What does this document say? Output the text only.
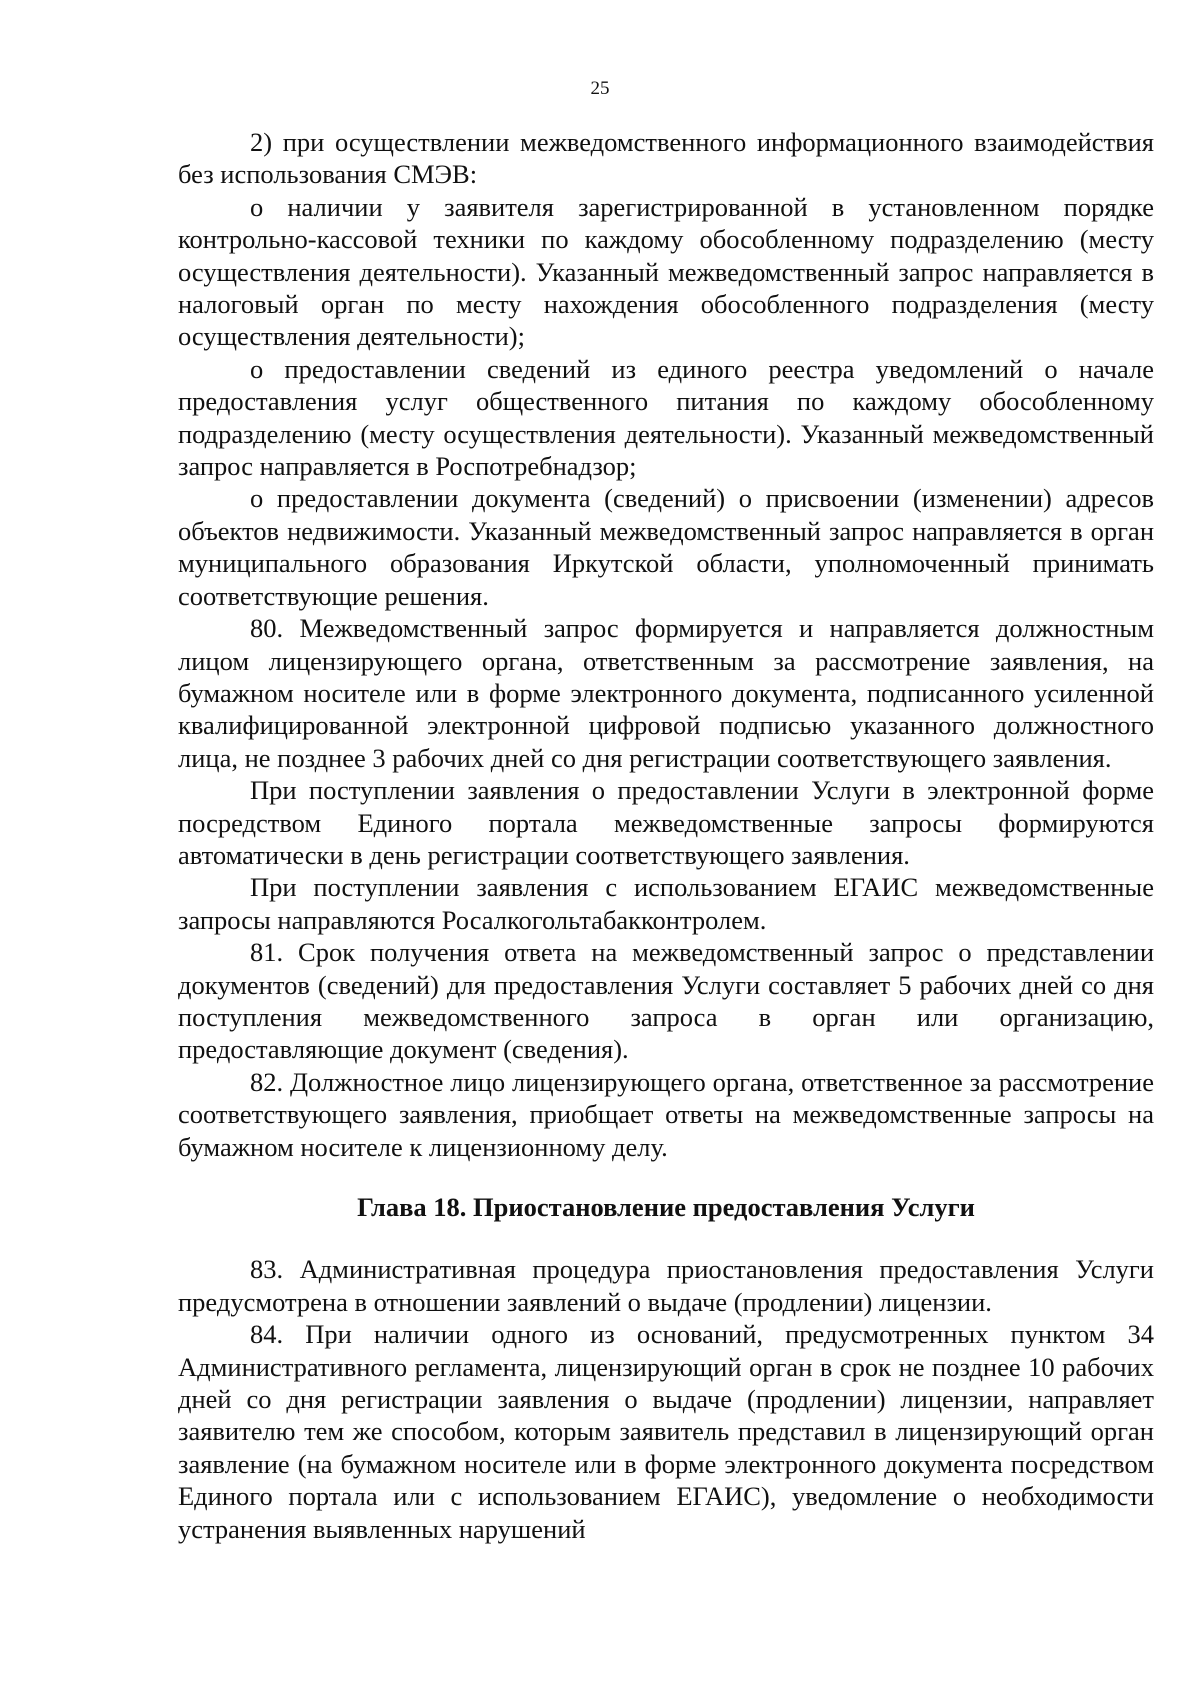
25

2) при осуществлении межведомственного информационного взаимодействия без использования СМЭВ:

о наличии у заявителя зарегистрированной в установленном порядке контрольно-кассовой техники по каждому обособленному подразделению (месту осуществления деятельности). Указанный межведомственный запрос направляется в налоговый орган по месту нахождения обособленного подразделения (месту осуществления деятельности);

о предоставлении сведений из единого реестра уведомлений о начале предоставления услуг общественного питания по каждому обособленному подразделению (месту осуществления деятельности). Указанный межведомственный запрос направляется в Роспотребнадзор;

о предоставлении документа (сведений) о присвоении (изменении) адресов объектов недвижимости. Указанный межведомственный запрос направляется в орган муниципального образования Иркутской области, уполномоченный принимать соответствующие решения.

80. Межведомственный запрос формируется и направляется должностным лицом лицензирующего органа, ответственным за рассмотрение заявления, на бумажном носителе или в форме электронного документа, подписанного усиленной квалифицированной электронной цифровой подписью указанного должностного лица, не позднее 3 рабочих дней со дня регистрации соответствующего заявления.

При поступлении заявления о предоставлении Услуги в электронной форме посредством Единого портала межведомственные запросы формируются автоматически в день регистрации соответствующего заявления.

При поступлении заявления с использованием ЕГАИС межведомственные запросы направляются Росалкогольтабакконтролем.

81. Срок получения ответа на межведомственный запрос о представлении документов (сведений) для предоставления Услуги составляет 5 рабочих дней со дня поступления межведомственного запроса в орган или организацию, предоставляющие документ (сведения).

82. Должностное лицо лицензирующего органа, ответственное за рассмотрение соответствующего заявления, приобщает ответы на межведомственные запросы на бумажном носителе к лицензионному делу.

Глава 18. Приостановление предоставления Услуги

83. Административная процедура приостановления предоставления Услуги предусмотрена в отношении заявлений о выдаче (продлении) лицензии.

84. При наличии одного из оснований, предусмотренных пунктом 34 Административного регламента, лицензирующий орган в срок не позднее 10 рабочих дней со дня регистрации заявления о выдаче (продлении) лицензии, направляет заявителю тем же способом, которым заявитель представил в лицензирующий орган заявление (на бумажном носителе или в форме электронного документа посредством Единого портала или с использованием ЕГАИС), уведомление о необходимости устранения выявленных нарушений
